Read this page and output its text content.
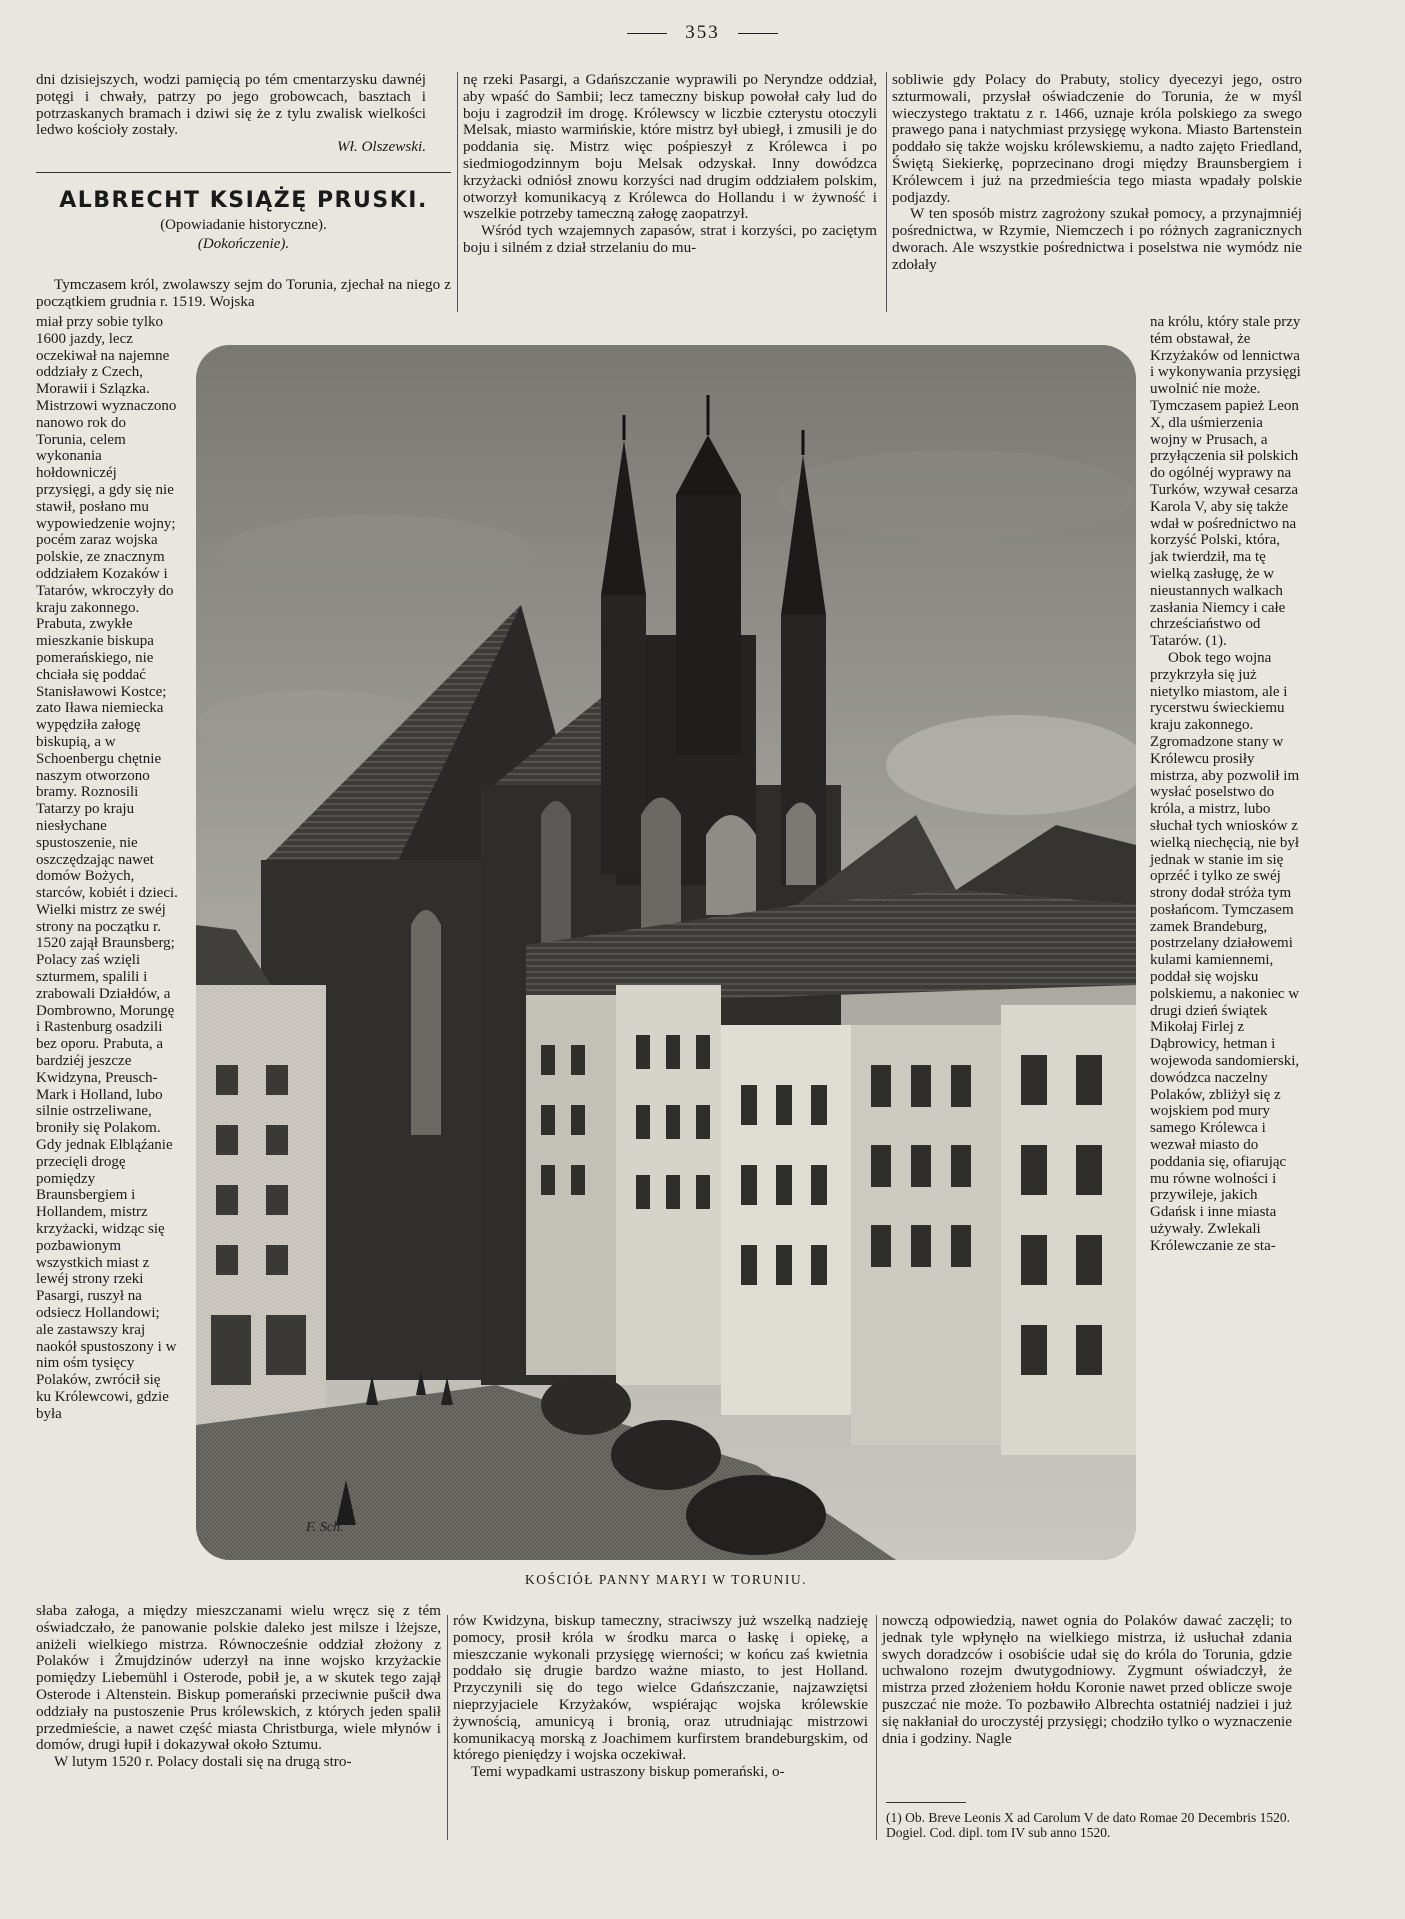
353

dni dzisiejszych, wodzi pamięcią po tém cmentarzysku dawnéj potęgi i chwały, patrzy po jego grobowcach, basztach i potrzaskanych bramach i dziwi się że z tylu zwalisk wielkości ledwo kościoły zostały.

Wł. Olszewski.
ALBRECHT KSIĄŻĘ PRUSKI.
(Opowiadanie historyczne).
(Dokończenie).

Tymczasem król, zwolawszy sejm do Torunia, zjechał na niego z początkiem grudnia r. 1519. Wojska

miał przy sobie tylko 1600 jazdy, lecz oczekiwał na najemne oddziały z Czech, Morawii i Szlązka. Mistrzowi wyznaczono nanowo rok do Torunia, celem wykonania hołdowniczéj przysięgi, a gdy się nie stawił, posłano mu wypowiedzenie wojny; pocém zaraz wojska polskie, ze znacznym oddziałem Kozaków i Tatarów, wkroczyły do kraju zakonnego. Prabuta, zwykłe mieszkanie biskupa pomerańskiego, nie chciała się poddać Stanisławowi Kostce; zato Iława niemiecka wypędziła załogę biskupią, a w Schoenbergu chętnie naszym otworzono bramy. Roznosili Tatarzy po kraju niesłychane spustoszenie, nie oszczędzając nawet domów Bożych, starców, kobiét i dzieci. Wielki mistrz ze swéj strony na początku r. 1520 zajął Braunsberg; Polacy zaś wzięli szturmem, spalili i zrabowali Działdów, a Dombrowno, Morungę i Rastenburg osadzili bez oporu. Prabuta, a bardziéj jeszcze Kwidzyna, Preusch-Mark i Holland, lubo silnie ostrzeliwane, broniły się Polakom. Gdy jednak Elbląźanie przecięli drogę pomiędzy Braunsbergiem i Hollandem, mistrz krzyżacki, widząc się pozbawionym wszystkich miast z lewéj strony rzeki Pasargi, ruszył na odsiecz Hollandowi; ale zastawszy kraj naokół spustoszony i w nim ośm tysięcy Polaków, zwrócił się ku Królewcowi, gdzie była

nę rzeki Pasargi, a Gdańszczanie wyprawili po Neryndze oddział, aby wpaść do Sambii; lecz tameczny biskup powołał cały lud do boju i zagrodził im drogę. Królewscy w liczbie czterystu otoczyli Melsak, miasto warmińskie, które mistrz był ubiegł, i zmusili je do poddania się. Mistrz więc pośpieszył z Królewca i po siedmiogodzinnym boju Melsak odzyskał. Inny dowódzca krzyżacki odniósł znowu korzyści nad drugim oddziałem polskim, otworzył komunikacyą z Królewca do Hollandu i w żywność i wszelkie potrzeby tameczną załogę zaopatrzył.

Wśród tych wzajemnych zapasów, strat i korzyści, po zaciętym boju i silném z dział strzelaniu do mu-

sobliwie gdy Polacy do Prabuty, stolicy dyecezyi jego, ostro szturmowali, przysłał oświadczenie do Torunia, że w myśl wieczystego traktatu z r. 1466, uznaje króla polskiego za swego prawego pana i natychmiast przysięgę wykona. Miasto Bartenstein poddało się także wojsku królewskiemu, a nadto zajęto Friedland, Świętą Siekierkę, poprzecinano drogi między Braunsbergiem i Królewcem i już na przedmieścia tego miasta wpadały polskie podjazdy.

W ten sposób mistrz zagrożony szukał pomocy, a przynajmniéj pośrednictwa, w Rzymie, Niemczech i po różnych zagranicznych dworach. Ale wszystkie pośrednictwa i poselstwa nie wymódz nie zdołały

na królu, który stale przy tém obstawał, że Krzyżaków od lennictwa i wykonywania przysięgi uwolnić nie może. Tymczasem papież Leon X, dla uśmierzenia wojny w Prusach, a przyłączenia sił polskich do ogólnéj wyprawy na Turków, wzywał cesarza Karola V, aby się także wdał w pośrednictwo na korzyść Polski, która, jak twierdził, ma tę wielką zasługę, że w nieustannych walkach zasłania Niemcy i całe chrześciaństwo od Tatarów. (1).

Obok tego wojna przykrzyła się już nietylko miastom, ale i rycerstwu świeckiemu kraju zakonnego. Zgromadzone stany w Królewcu prosiły mistrza, aby pozwolił im wysłać poselstwo do króla, a mistrz, lubo słuchał tych wniosków z wielką niechęcią, nie był jednak w stanie im się oprzéć i tylko ze swéj strony dodał stróża tym posłańcom. Tymczasem zamek Brandeburg, postrzelany działowemi kulami kamiennemi, poddał się wojsku polskiemu, a nakoniec w drugi dzień świątek Mikołaj Firlej z Dąbrowicy, hetman i wojewoda sandomierski, dowódzca naczelny Polaków, zbliżył się z wojskiem pod mury samego Królewca i wezwał miasto do poddania się, ofiarując mu równe wolności i przywileje, jakich Gdańsk i inne miasta używały. Zwlekali Królewczanie ze sta-

F. Sch.
KOŚCIÓŁ PANNY MARYI W TORUNIU.

słaba załoga, a między mieszczanami wielu wręcz się z tém oświadczało, że panowanie polskie daleko jest milsze i lżejsze, aniżeli wielkiego mistrza. Równocześnie oddział złożony z Polaków i Żmujdzinów uderzył na inne wojsko krzyżackie pomiędzy Liebemühl i Osterode, pobił je, a w skutek tego zajął Osterode i Altenstein. Biskup pomerański przeciwnie pušcił dwa oddziały na pustoszenie Prus królewskich, z których jeden spalił przedmieście, a nawet część miasta Christburga, wiele młynów i domów, drugi łupił i dokazywał około Sztumu.

W lutym 1520 r. Polacy dostali się na drugą stro-

rów Kwidzyna, biskup tameczny, straciwszy już wszelką nadzieję pomocy, prosił króla w środku marca o łaskę i opiekę, a mieszczanie wykonali przysięgę wierności; w końcu zaś kwietnia poddało się drugie bardzo ważne miasto, to jest Holland. Przyczynili się do tego wielce Gdańszczanie, najzawziętsi nieprzyjaciele Krzyżaków, wspiérając wojska królewskie żywnością, amunicyą i bronią, oraz utrudniając mistrzowi komunikacyą morską z Joachimem kurfirstem brandeburgskim, od którego pieniędzy i wojska oczekiwał.

Temi wypadkami ustraszony biskup pomerański, o-

nowczą odpowiedzią, nawet ognia do Polaków dawać zaczęli; to jednak tyle wpłynęło na wielkiego mistrza, iż usłuchał zdania swych doradzców i osobiście udał się do króla do Torunia, gdzie uchwalono rozejm dwutygodniowy. Zygmunt oświadczył, że mistrza przed złożeniem hołdu Koronie nawet przed oblicze swoje puszczać nie może. To pozbawiło Albrechta ostatniéj nadziei i już się nakłaniał do uroczystéj przysięgi; chodziło tylko o wyznaczenie dnia i godziny. Nagle

(1) Ob. Breve Leonis X ad Carolum V de dato Romae 20 Decembris 1520. Dogiel. Cod. dipl. tom IV sub anno 1520.
